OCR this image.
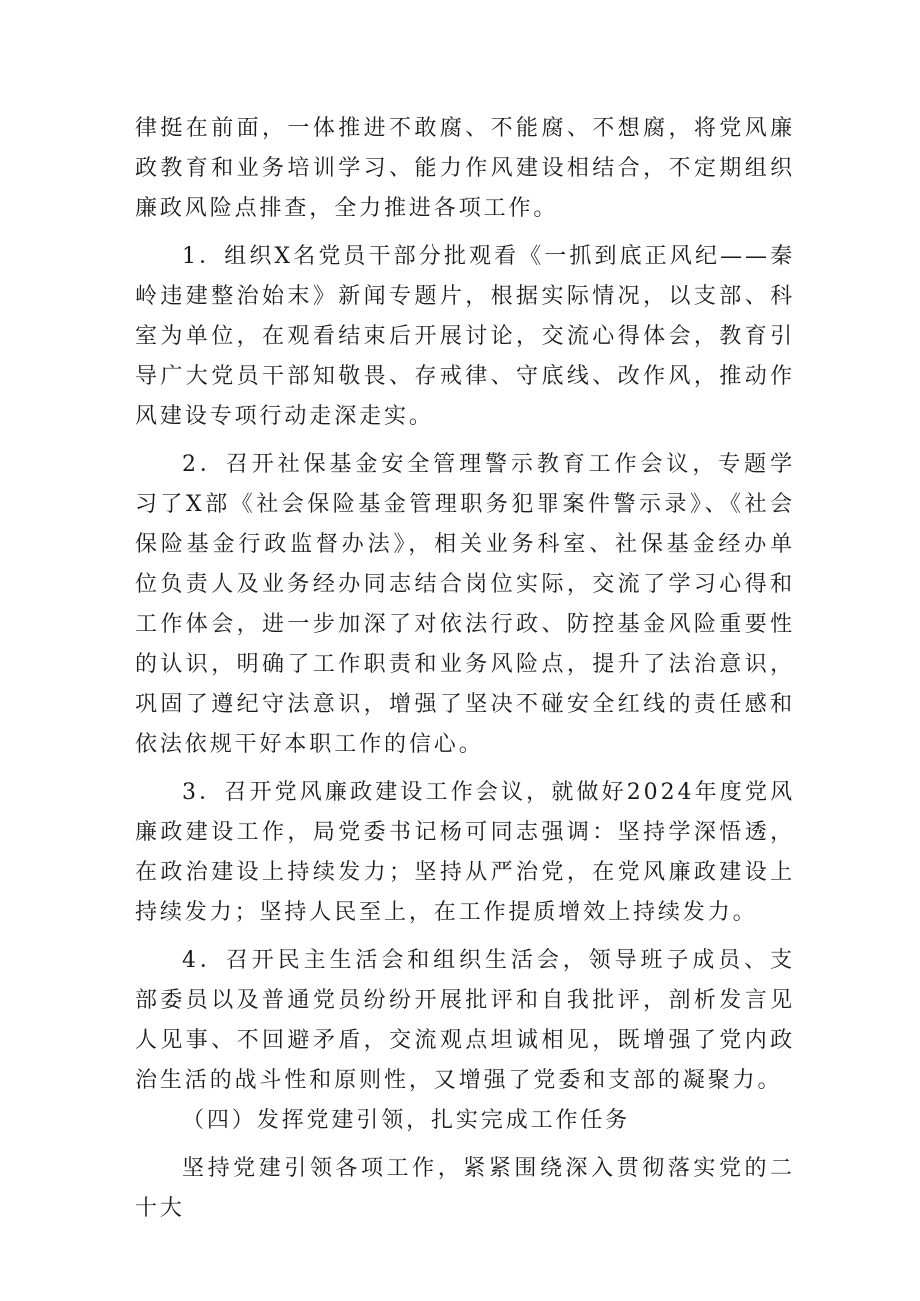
律挺在前面，一体推进不敢腐、不能腐、不想腐，将党风廉政教育和业务培训学习、能力作风建设相结合，不定期组织廉政风险点排查，全力推进各项工作。

1．组织X名党员干部分批观看《一抓到底正风纪——秦岭违建整治始末》新闻专题片，根据实际情况，以支部、科室为单位，在观看结束后开展讨论，交流心得体会，教育引导广大党员干部知敬畏、存戒律、守底线、改作风，推动作风建设专项行动走深走实。

2．召开社保基金安全管理警示教育工作会议，专题学习了X部《社会保险基金管理职务犯罪案件警示录》、《社会保险基金行政监督办法》，相关业务科室、社保基金经办单位负责人及业务经办同志结合岗位实际，交流了学习心得和工作体会，进一步加深了对依法行政、防控基金风险重要性的认识，明确了工作职责和业务风险点，提升了法治意识，巩固了遵纪守法意识，增强了坚决不碰安全红线的责任感和依法依规干好本职工作的信心。

3．召开党风廉政建设工作会议，就做好2024年度党风廉政建设工作，局党委书记杨可同志强调：坚持学深悟透，在政治建设上持续发力；坚持从严治党，在党风廉政建设上持续发力；坚持人民至上，在工作提质增效上持续发力。

4．召开民主生活会和组织生活会，领导班子成员、支部委员以及普通党员纷纷开展批评和自我批评，剖析发言见人见事、不回避矛盾，交流观点坦诚相见，既增强了党内政治生活的战斗性和原则性，又增强了党委和支部的凝聚力。

（四）发挥党建引领，扎实完成工作任务

坚持党建引领各项工作，紧紧围绕深入贯彻落实党的二十大
